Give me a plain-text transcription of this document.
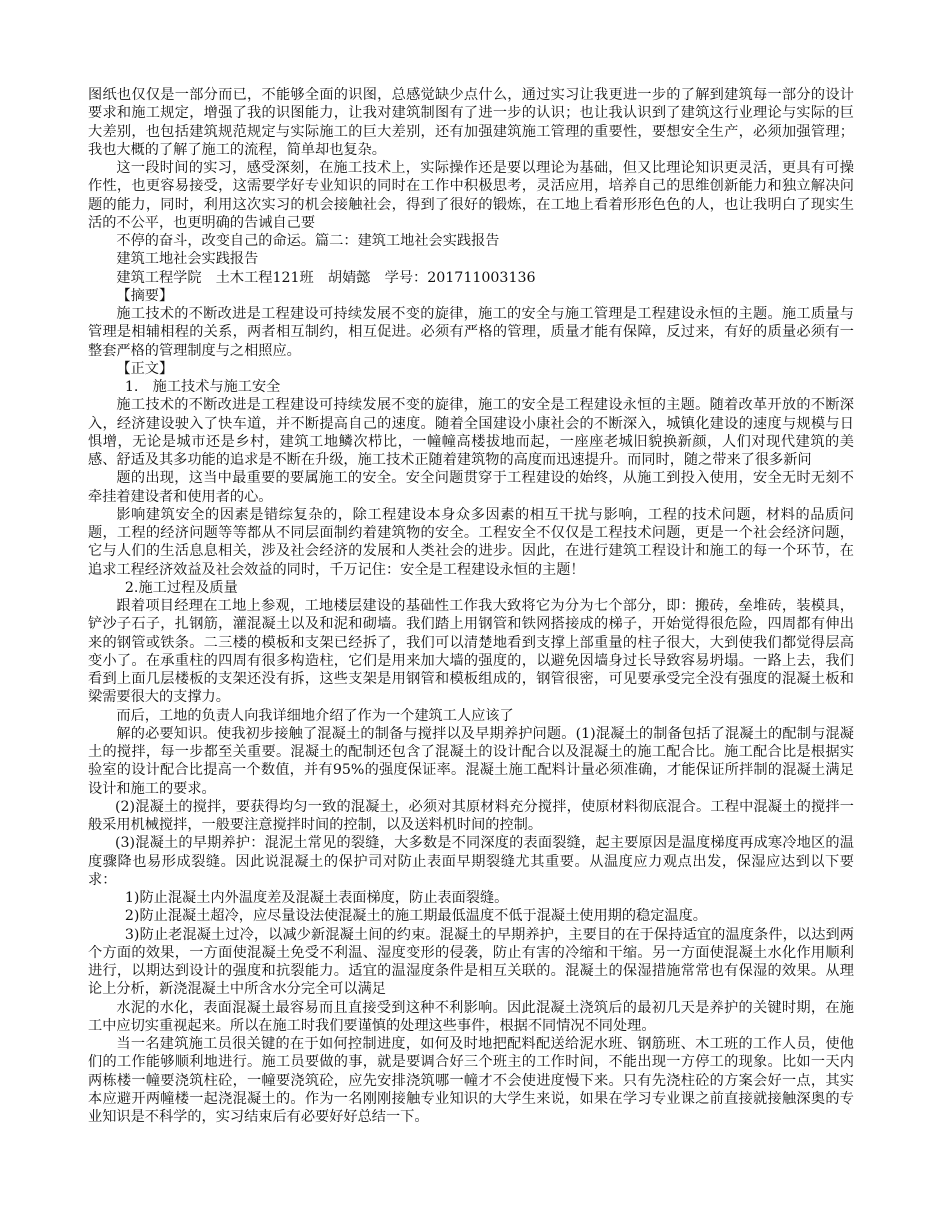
图纸也仅仅是一部分而已，不能够全面的识图，总感觉缺少点什么，通过实习让我更进一步的了解到建筑每一部分的设计要求和施工规定，增强了我的识图能力，让我对建筑制图有了进一步的认识；也让我认识到了建筑这行业理论与实际的巨大差别，也包括建筑规范规定与实际施工的巨大差别，还有加强建筑施工管理的重要性，要想安全生产，必须加强管理；我也大概的了解了施工的流程，简单却也复杂。

这一段时间的实习，感受深刻，在施工技术上，实际操作还是要以理论为基础，但又比理论知识更灵活，更具有可操作性，也更容易接受，这需要学好专业知识的同时在工作中积极思考，灵活应用，培养自己的思维创新能力和独立解决问题的能力，同时，利用这次实习的机会接触社会，得到了很好的锻炼，在工地上看着形形色色的人，也让我明白了现实生活的不公平，也更明确的告诫自己要

不停的奋斗，改变自己的命运。篇二：建筑工地社会实践报告

建筑工地社会实践报告

建筑工程学院　土木工程121班　胡婧懿　学号：201711003136

【摘要】

施工技术的不断改进是工程建设可持续发展不变的旋律，施工的安全与施工管理是工程建设永恒的主题。施工质量与管理是相辅相程的关系，两者相互制约，相互促进。必须有严格的管理，质量才能有保障，反过来，有好的质量必须有一整套严格的管理制度与之相照应。

【正文】

1.　施工技术与施工安全

施工技术的不断改进是工程建设可持续发展不变的旋律，施工的安全是工程建设永恒的主题。随着改革开放的不断深入，经济建设驶入了快车道，并不断提高自己的速度。随着全国建设小康社会的不断深入，城镇化建设的速度与规模与日惧增，无论是城市还是乡村，建筑工地鳞次栉比，一幢幢高楼拔地而起，一座座老城旧貌换新颜，人们对现代建筑的美感、舒适及其多功能的追求是不断在升级，施工技术正随着建筑物的高度而迅速提升。而同时，随之带来了很多新问

题的出现，这当中最重要的要属施工的安全。安全问题贯穿于工程建设的始终，从施工到投入使用，安全无时无刻不牵挂着建设者和使用者的心。

影响建筑安全的因素是错综复杂的，除工程建设本身众多因素的相互干扰与影响，工程的技术问题，材料的品质问题，工程的经济问题等等都从不同层面制约着建筑物的安全。工程安全不仅仅是工程技术问题，更是一个社会经济问题，它与人们的生活息息相关，涉及社会经济的发展和人类社会的进步。因此，在进行建筑工程设计和施工的每一个环节，在追求工程经济效益及社会效益的同时，千万记住：安全是工程建设永恒的主题！

2.施工过程及质量

跟着项目经理在工地上参观，工地楼层建设的基础性工作我大致将它为分为七个部分，即：搬砖，垒堆砖，装模具，铲沙子石子，扎钢筋，灌混凝土以及和泥和砌墙。我们踏上用钢管和铁网搭接成的梯子，开始觉得很危险，四周都有伸出来的钢管或铁条。二三楼的模板和支架已经拆了，我们可以清楚地看到支撑上部重量的柱子很大，大到使我们都觉得层高变小了。在承重柱的四周有很多构造柱，它们是用来加大墙的强度的，以避免因墙身过长导致容易坍塌。一路上去，我们看到上面几层楼板的支架还没有拆，这些支架是用钢管和模板组成的，钢管很密，可见要承受完全没有强度的混凝土板和梁需要很大的支撑力。

而后，工地的负责人向我详细地介绍了作为一个建筑工人应该了

解的必要知识。使我初步接触了混凝土的制备与搅拌以及早期养护问题。(1)混凝土的制备包括了混凝土的配制与混凝土的搅拌，每一步都至关重要。混凝土的配制还包含了混凝土的设计配合以及混凝土的施工配合比。施工配合比是根据实验室的设计配合比提高一个数值，并有95%的强度保证率。混凝土施工配料计量必须准确，才能保证所拌制的混凝土满足设计和施工的要求。

(2)混凝土的搅拌，要获得均匀一致的混凝土，必须对其原材料充分搅拌，使原材料彻底混合。工程中混凝土的搅拌一般采用机械搅拌，一般要注意搅拌时间的控制，以及送料机时间的控制。

(3)混凝土的早期养护：混泥土常见的裂缝，大多数是不同深度的表面裂缝，起主要原因是温度梯度再成寒冷地区的温度骤降也易形成裂缝。因此说混凝土的保护司对防止表面早期裂缝尤其重要。从温度应力观点出发，保湿应达到以下要求：

1)防止混凝土内外温度差及混凝土表面梯度，防止表面裂缝。

2)防止混凝土超冷，应尽量设法使混凝土的施工期最低温度不低于混凝土使用期的稳定温度。

3)防止老混凝土过冷，以减少新混凝土间的约束。混凝土的早期养护，主要目的在于保持适宜的温度条件，以达到两个方面的效果，一方面使混凝土免受不利温、湿度变形的侵袭，防止有害的冷缩和干缩。另一方面使混凝土水化作用顺利进行，以期达到设计的强度和抗裂能力。适宜的温湿度条件是相互关联的。混凝土的保湿措施常常也有保湿的效果。从理论上分析，新浇混凝土中所含水分完全可以满足

水泥的水化，表面混凝土最容易而且直接受到这种不利影响。因此混凝土浇筑后的最初几天是养护的关键时期，在施工中应切实重视起来。所以在施工时我们要谨慎的处理这些事件，根据不同情况不同处理。

当一名建筑施工员很关键的在于如何控制进度，如何及时地把配料配送给泥水班、钢筋班、木工班的工作人员，使他们的工作能够顺利地进行。施工员要做的事，就是要调合好三个班主的工作时间，不能出现一方停工的现象。比如一天内两栋楼一幢要浇筑柱砼，一幢要浇筑砼，应先安排浇筑哪一幢才不会使进度慢下来。只有先浇柱砼的方案会好一点，其实本应避开两幢楼一起浇混凝土的。作为一名刚刚接触专业知识的大学生来说，如果在学习专业课之前直接就接触深奥的专业知识是不科学的，实习结束后有必要好好总结一下。
